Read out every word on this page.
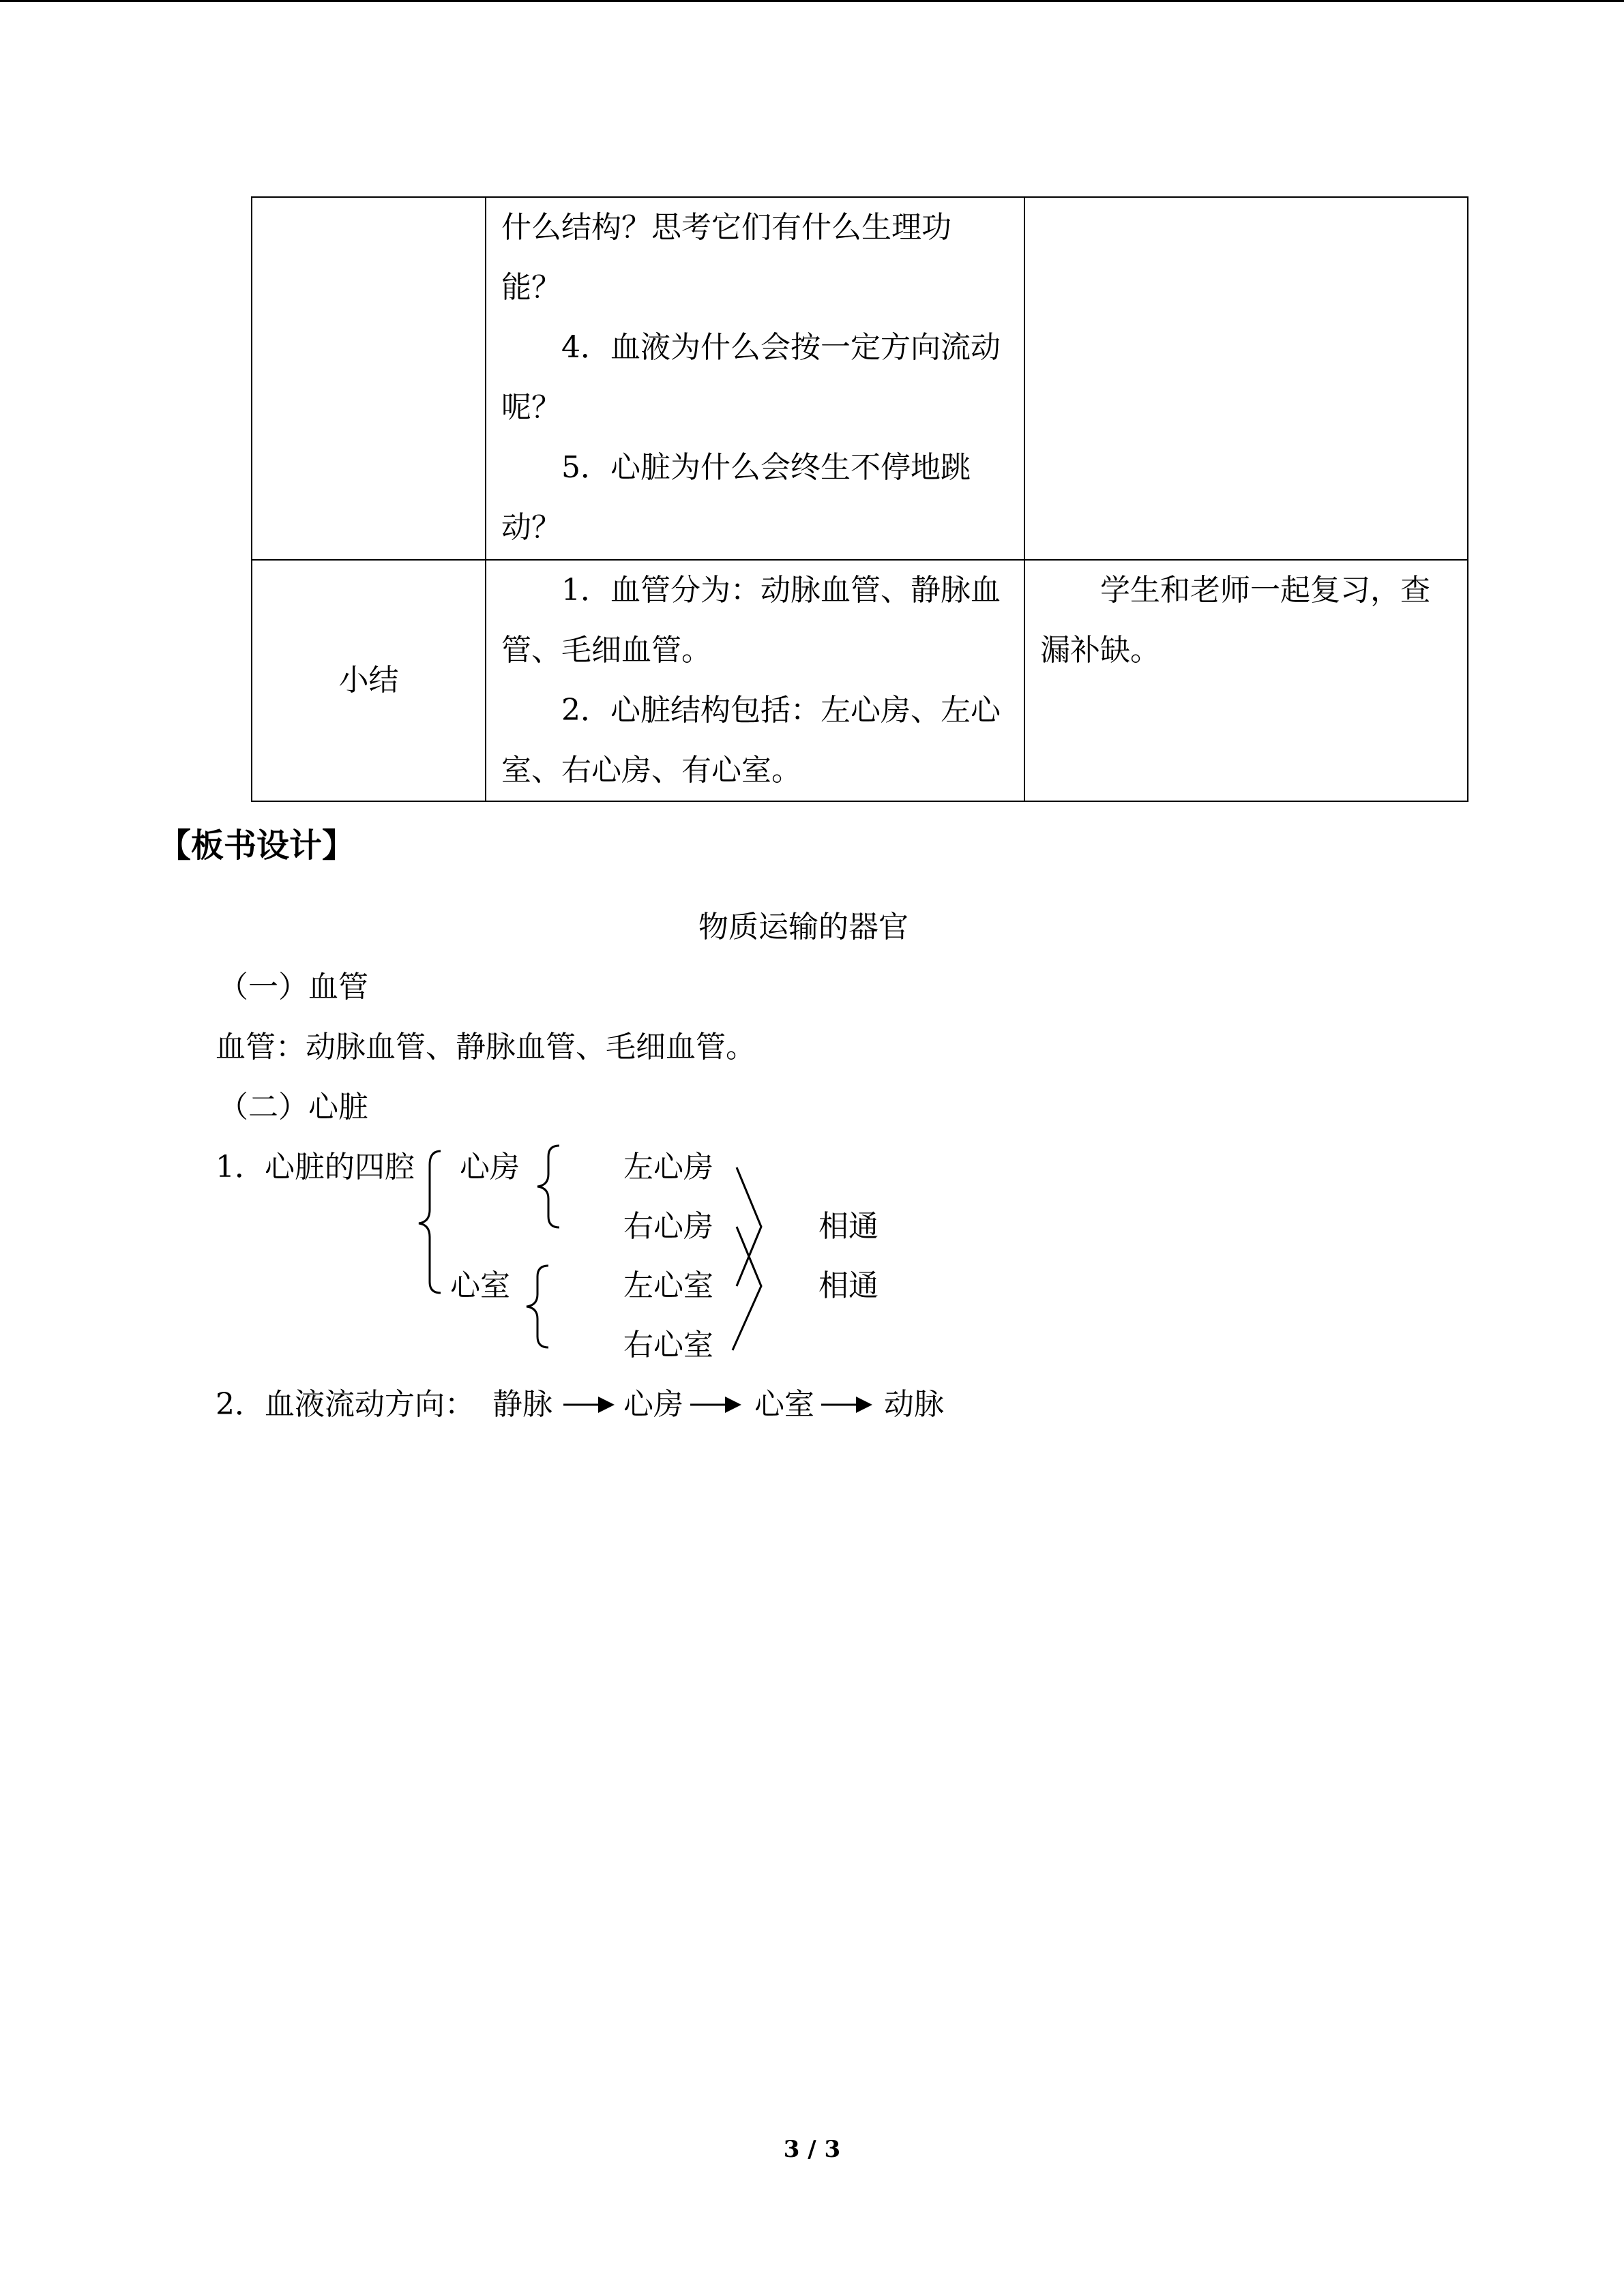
	什么结构？思考它们有什么生理功能？

4．血液为什么会按一定方向流动呢？

5．心脏为什么会终生不停地跳动？	

小结	1．血管分为：动脉血管、静脉血管、毛细血管。

2．心脏结构包括：左心房、左心室、右心房、有心室。	学生和老师一起复习，查漏补缺。

【板书设计】
物质运输的器官
（一）血管
血管：动脉血管、静脉血管、毛细血管。
（二）心脏
1．心脏的四腔 心房
心室
左心房
右心房
左心室
右心室
相通
相通
2．血液流动方向： 静脉 心房 心室 动脉
3 / 3
